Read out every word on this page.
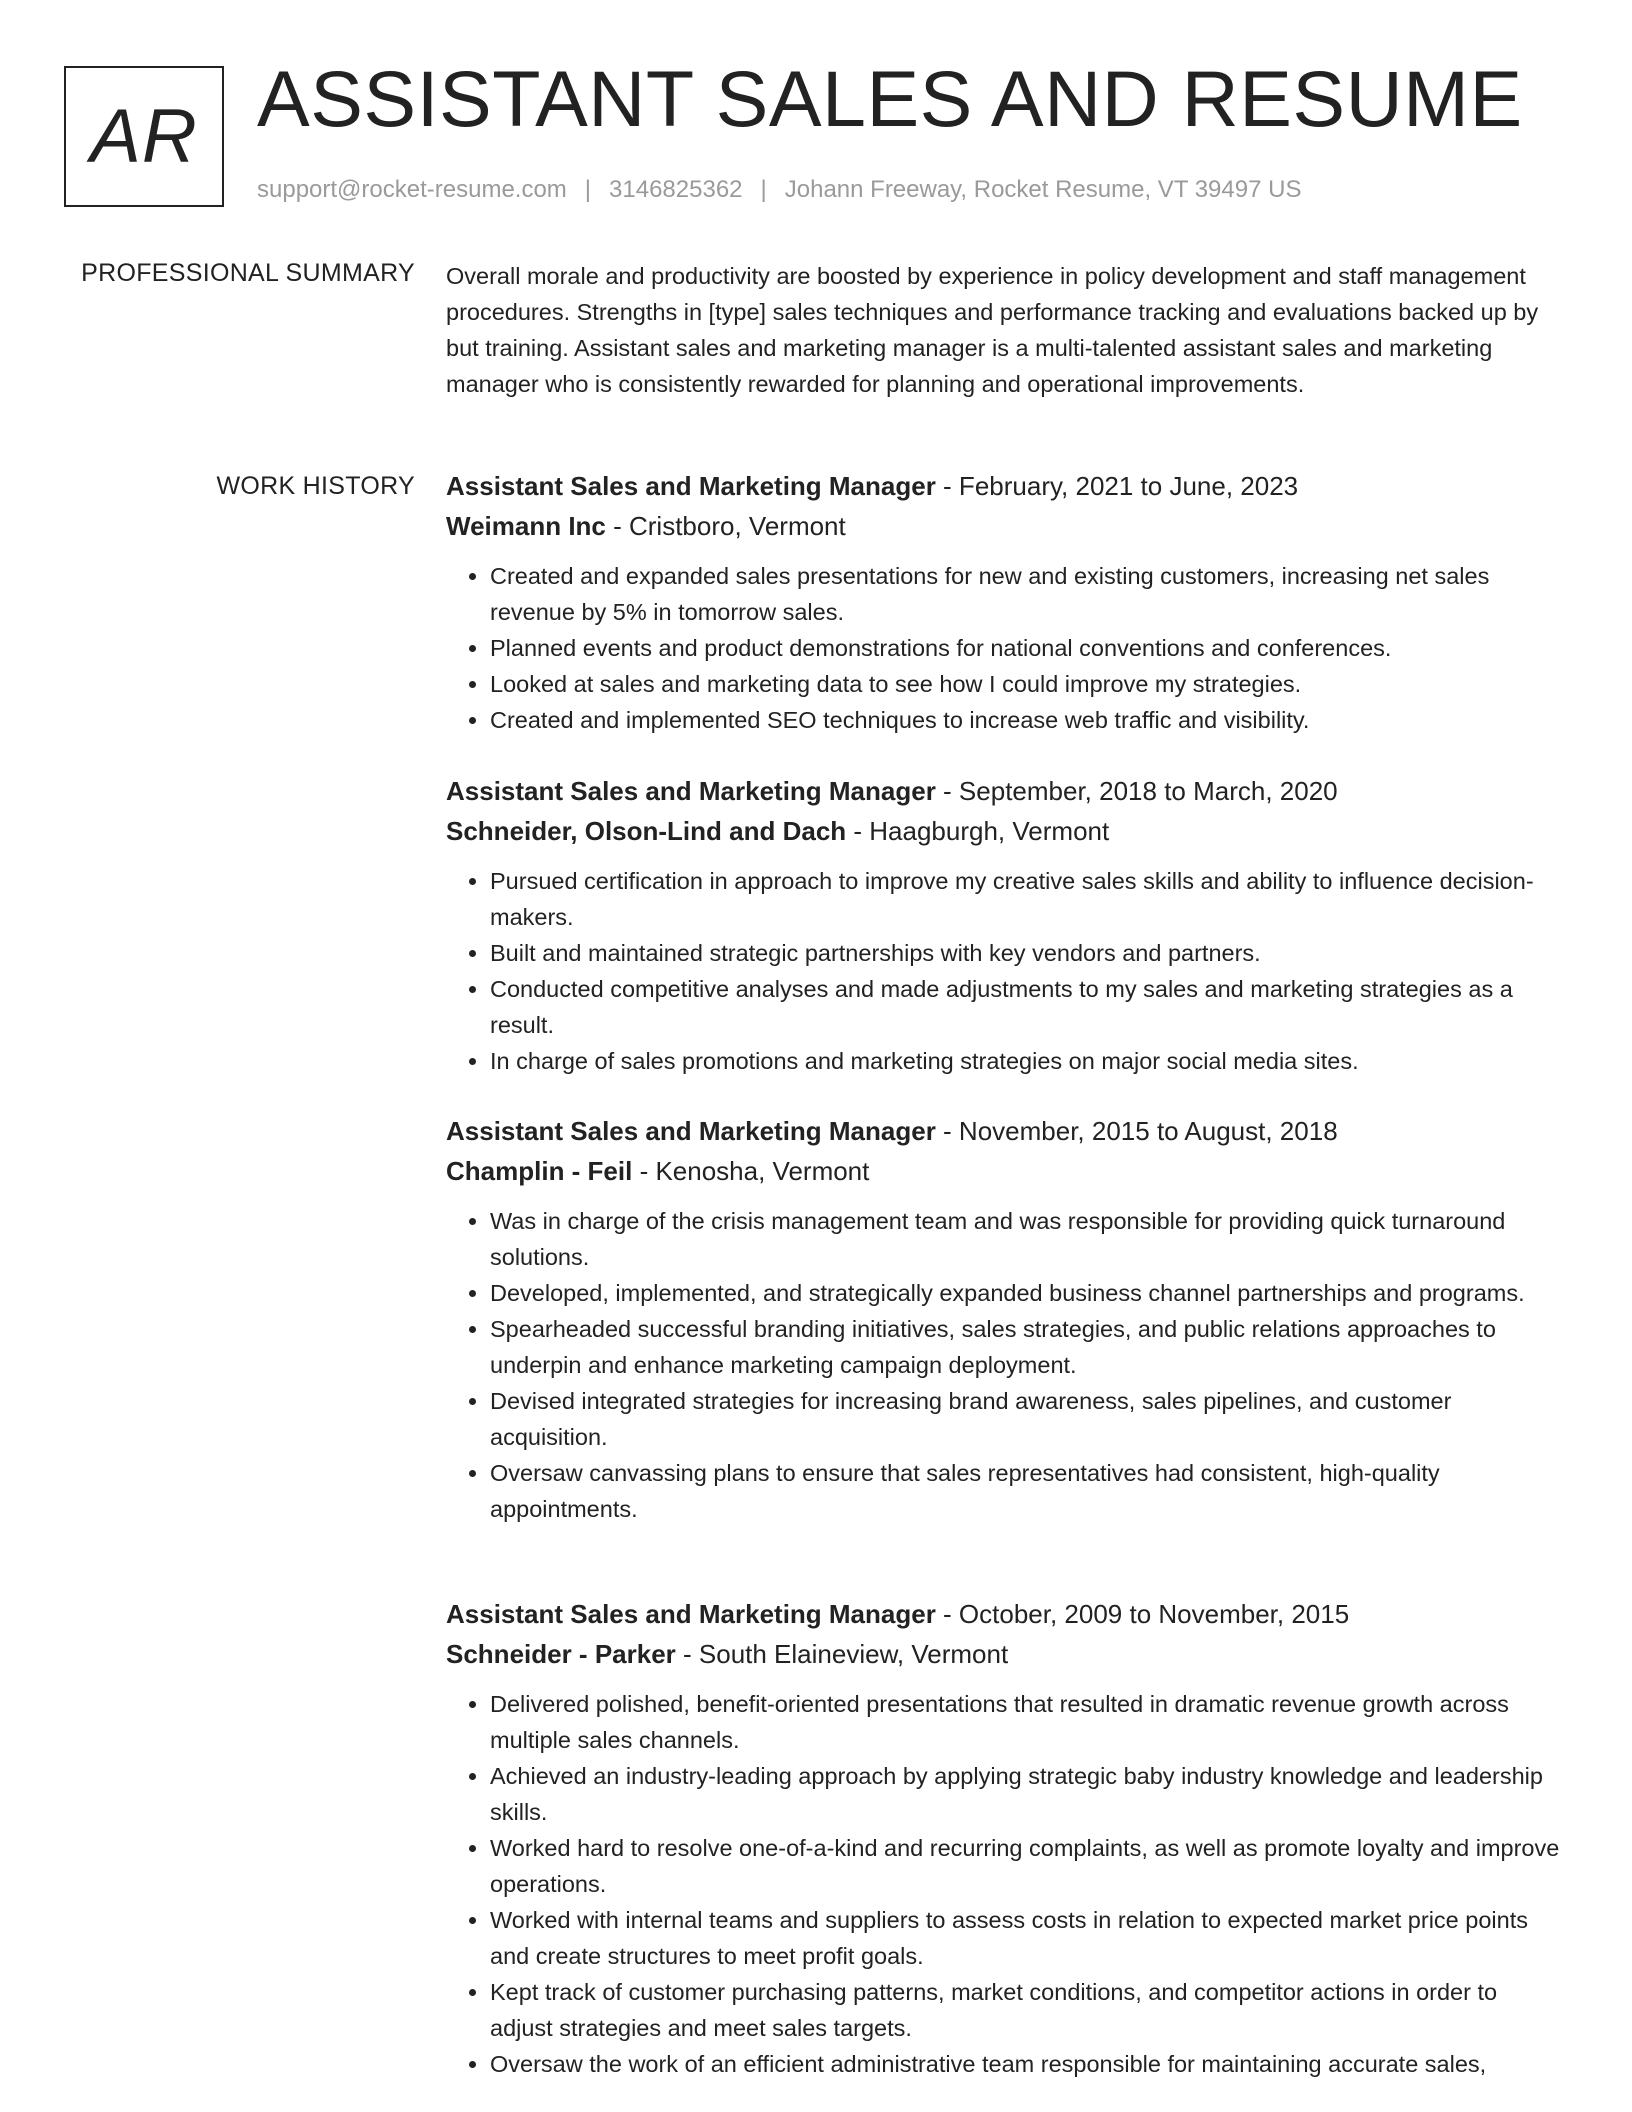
AR ASSISTANT SALES AND RESUME
support@rocket-resume.com | 3146825362 | Johann Freeway, Rocket Resume, VT 39497 US
PROFESSIONAL SUMMARY Overall morale and productivity are boosted by experience in policy development and staff management procedures. Strengths in [type] sales techniques and performance tracking and evaluations backed up by but training. Assistant sales and marketing manager is a multi-talented assistant sales and marketing manager who is consistently rewarded for planning and operational improvements.
WORK HISTORY Assistant Sales and Marketing Manager - February, 2021 to June, 2023
Weimann Inc - Cristboro, Vermont
• Created and expanded sales presentations for new and existing customers, increasing net sales revenue by 5% in tomorrow sales.
• Planned events and product demonstrations for national conventions and conferences.
• Looked at sales and marketing data to see how I could improve my strategies.
• Created and implemented SEO techniques to increase web traffic and visibility.
Assistant Sales and Marketing Manager - September, 2018 to March, 2020
Schneider, Olson-Lind and Dach - Haagburgh, Vermont
• Pursued certification in approach to improve my creative sales skills and ability to influence decision-makers.
• Built and maintained strategic partnerships with key vendors and partners.
• Conducted competitive analyses and made adjustments to my sales and marketing strategies as a result.
• In charge of sales promotions and marketing strategies on major social media sites.
Assistant Sales and Marketing Manager - November, 2015 to August, 2018
Champlin - Feil - Kenosha, Vermont
• Was in charge of the crisis management team and was responsible for providing quick turnaround solutions.
• Developed, implemented, and strategically expanded business channel partnerships and programs.
• Spearheaded successful branding initiatives, sales strategies, and public relations approaches to underpin and enhance marketing campaign deployment.
• Devised integrated strategies for increasing brand awareness, sales pipelines, and customer acquisition.
• Oversaw canvassing plans to ensure that sales representatives had consistent, high-quality appointments.
Assistant Sales and Marketing Manager - October, 2009 to November, 2015
Schneider - Parker - South Elaineview, Vermont
• Delivered polished, benefit-oriented presentations that resulted in dramatic revenue growth across multiple sales channels.
• Achieved an industry-leading approach by applying strategic baby industry knowledge and leadership skills.
• Worked hard to resolve one-of-a-kind and recurring complaints, as well as promote loyalty and improve operations.
• Worked with internal teams and suppliers to assess costs in relation to expected market price points and create structures to meet profit goals.
• Kept track of customer purchasing patterns, market conditions, and competitor actions in order to adjust strategies and meet sales targets.
• Oversaw the work of an efficient administrative team responsible for maintaining accurate sales,
